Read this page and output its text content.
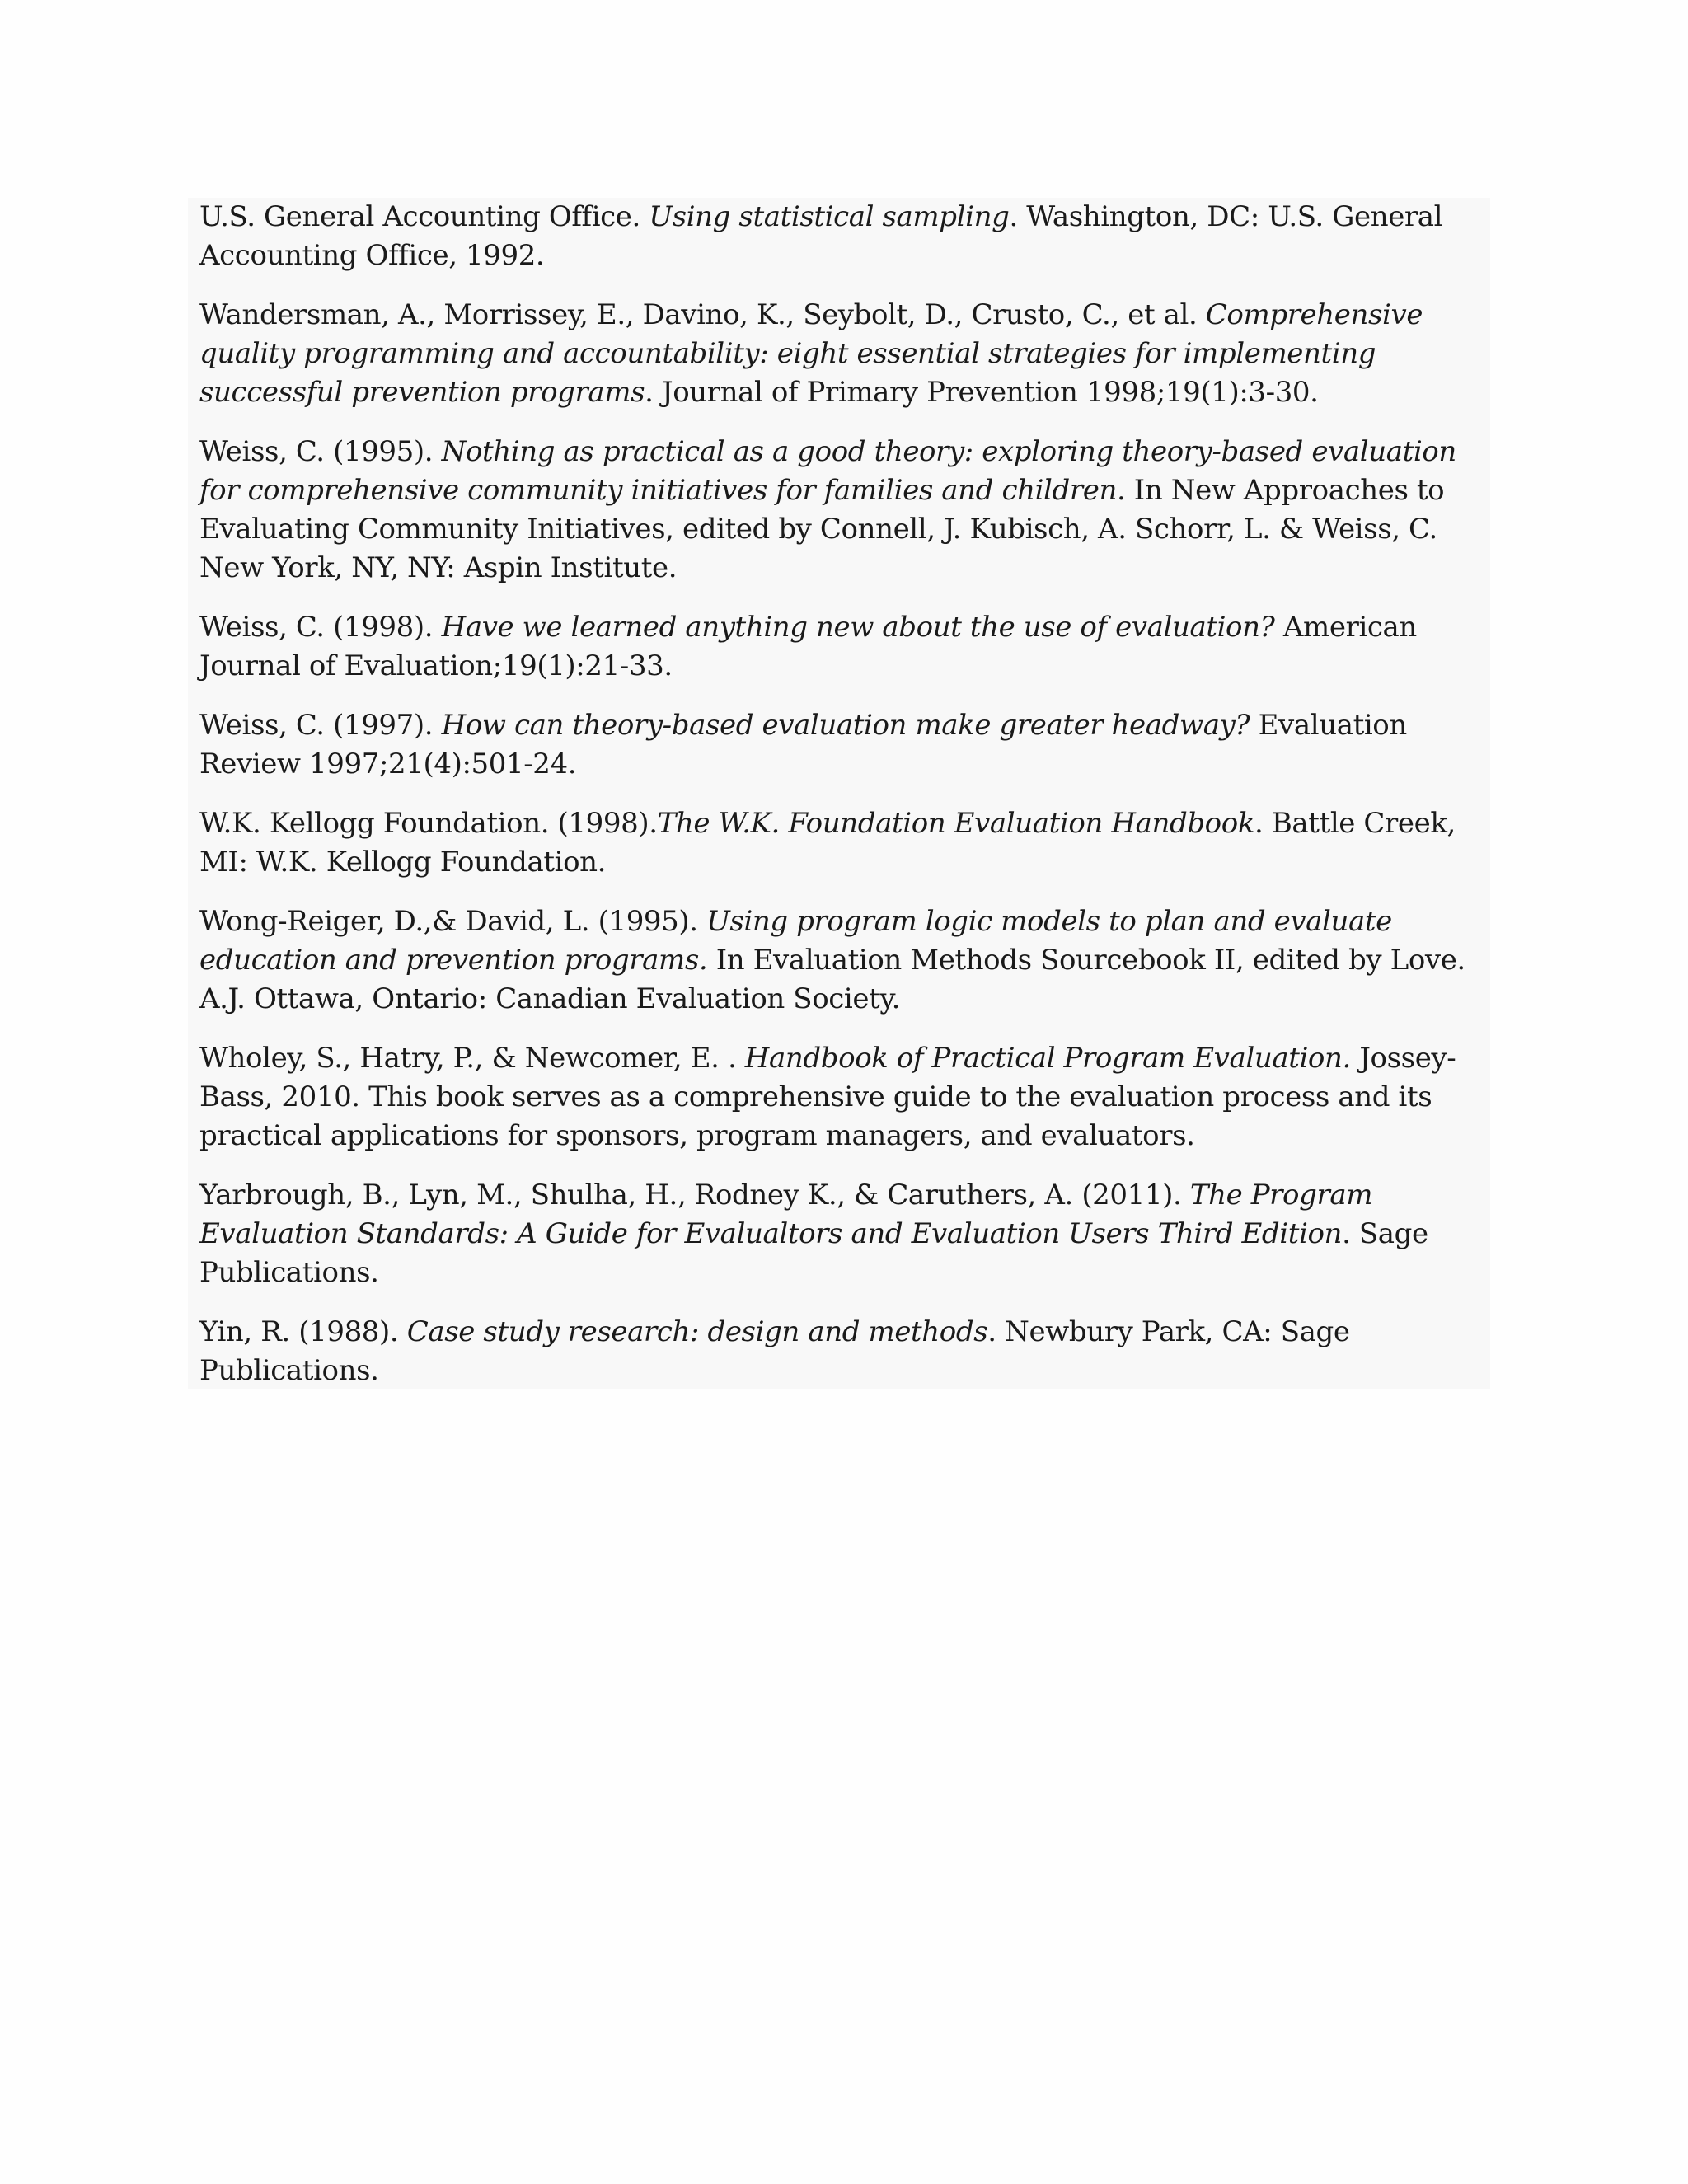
U.S. General Accounting Office. Using statistical sampling. Washington, DC: U.S. General Accounting Office, 1992.

Wandersman, A., Morrissey, E., Davino, K., Seybolt, D., Crusto, C., et al. Comprehensive quality programming and accountability: eight essential strategies for implementing successful prevention programs. Journal of Primary Prevention 1998;19(1):3-30.

Weiss, C. (1995). Nothing as practical as a good theory: exploring theory-based evaluation for comprehensive community initiatives for families and children. In New Approaches to Evaluating Community Initiatives, edited by Connell, J. Kubisch, A. Schorr, L. & Weiss, C. New York, NY, NY: Aspin Institute.

Weiss, C. (1998). Have we learned anything new about the use of evaluation? American Journal of Evaluation;19(1):21-33.

Weiss, C. (1997). How can theory-based evaluation make greater headway? Evaluation Review 1997;21(4):501-24.

W.K. Kellogg Foundation. (1998).The W.K. Foundation Evaluation Handbook. Battle Creek, MI: W.K. Kellogg Foundation.

Wong-Reiger, D.,& David, L. (1995). Using program logic models to plan and evaluate education and prevention programs. In Evaluation Methods Sourcebook II, edited by Love. A.J. Ottawa, Ontario: Canadian Evaluation Society.

Wholey, S., Hatry, P., & Newcomer, E. . Handbook of Practical Program Evaluation. Jossey-Bass, 2010. This book serves as a comprehensive guide to the evaluation process and its practical applications for sponsors, program managers, and evaluators.

Yarbrough, B., Lyn, M., Shulha, H., Rodney K., & Caruthers, A. (2011). The Program Evaluation Standards: A Guide for Evalualtors and Evaluation Users Third Edition. Sage Publications.

Yin, R. (1988). Case study research: design and methods. Newbury Park, CA: Sage Publications.
